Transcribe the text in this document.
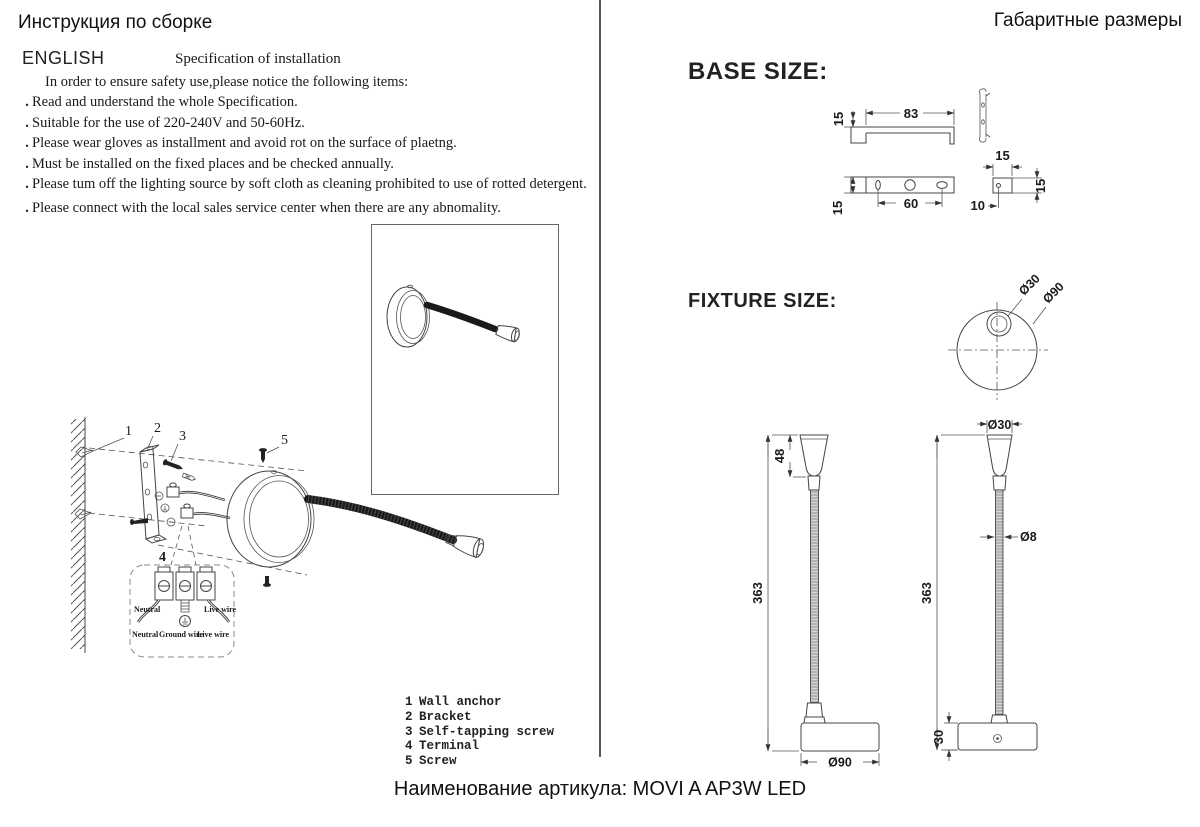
Инструкция по сборке	Габаритные размеры
ENGLISH	Specification of installation
In order to ensure safety use,please notice the following items:
. Read and understand the whole Specification.
. Suitable for the use of 220-240V and 50-60Hz.
. Please wear gloves as installment and avoid rot on the surface of plaetng.
. Must be installed on the fixed places and be checked annually.
. Please tum off the lighting source by soft cloth as cleaning prohibited to use of rotted detergent.
. Please connect with the local sales service center when there are any abnomality.
BASE SIZE:
FIXTURE SIZE:
83
15
15	60
15
15
10
Ø30
Ø90
48
363
Ø90
Ø30
Ø8
363
30
1 2
3	5
4
Neutral	Live wire
Neutral Ground wire
Live wire
1 Wall anchor
2 Bracket
3 Self-tapping screw
4 Terminal
5 Screw
Наименование артикула: MOVI A AP3W LED
